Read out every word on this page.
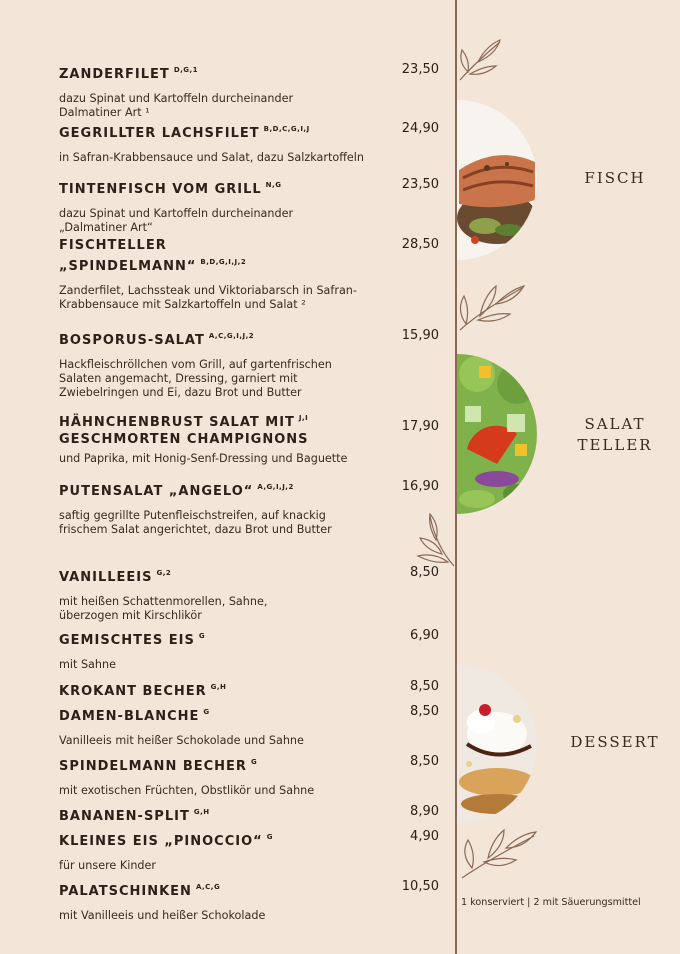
ZANDERFILET $^{D,G,1}$	23,50
dazu Spinat und Kartoffeln durcheinander
Dalmatiner Art ¹
GEGRILLTER LACHSFILET $^{B,D,C,G,I,J}$	24,90
in Safran-Krabbensauce und Salat, dazu Salzkartoffeln
TINTENFISCH VOM GRILL $^{N,G}$	23,50
dazu Spinat und Kartoffeln durcheinander
„Dalmatiner Art“
FISCHTELLER „SPINDELMANN“ $^{B,D,G,I,J,2}$
28,50
Zanderfilet, Lachssteak und Viktoriabarsch in Safran-
Krabbensauce mit Salzkartoffeln und Salat ²
BOSPORUS-SALAT $^{A,C,G,I,J,2}$	15,90
Hackfleischröllchen vom Grill, auf gartenfrischen
Salaten angemacht, Dressing, garniert mit
Zwiebelringen und Ei, dazu Brot und Butter
HÄHNCHENBRUST SALAT MIT $^{J,I}$
GESCHMORTEN CHAMPIGNONS
17,90
und Paprika, mit Honig-Senf-Dressing und Baguette
PUTENSALAT „ANGELO“ $^{A,G,I,J,2}$	16,90
saftig gegrillte Putenfleischstreifen, auf knackig
frischem Salat angerichtet, dazu Brot und Butter
VANILLEEIS $^{G,2}$	8,50
mit heißen Schattenmorellen, Sahne,
überzogen mit Kirschlikör
GEMISCHTES EIS $^G$	6,90
mit Sahne
KROKANT BECHER $^{G,H}$	8,50
DAMEN-BLANCHE $^G$	8,50
Vanilleeis mit heißer Schokolade und Sahne
SPINDELMANN BECHER $^G$	8,50
mit exotischen Früchten, Obstlikör und Sahne
BANANEN-SPLIT $^{G,H}$	8,90
KLEINES EIS „PINOCCIO“ $^G$	4,90
für unsere Kinder
PALATSCHINKEN $^{A,C,G}$	10,50
mit Vanilleeis und heißer Schokolade
FISCH
SALAT
TELLER
DESSERT
1 konserviert | 2 mit Säuerungsmittel
